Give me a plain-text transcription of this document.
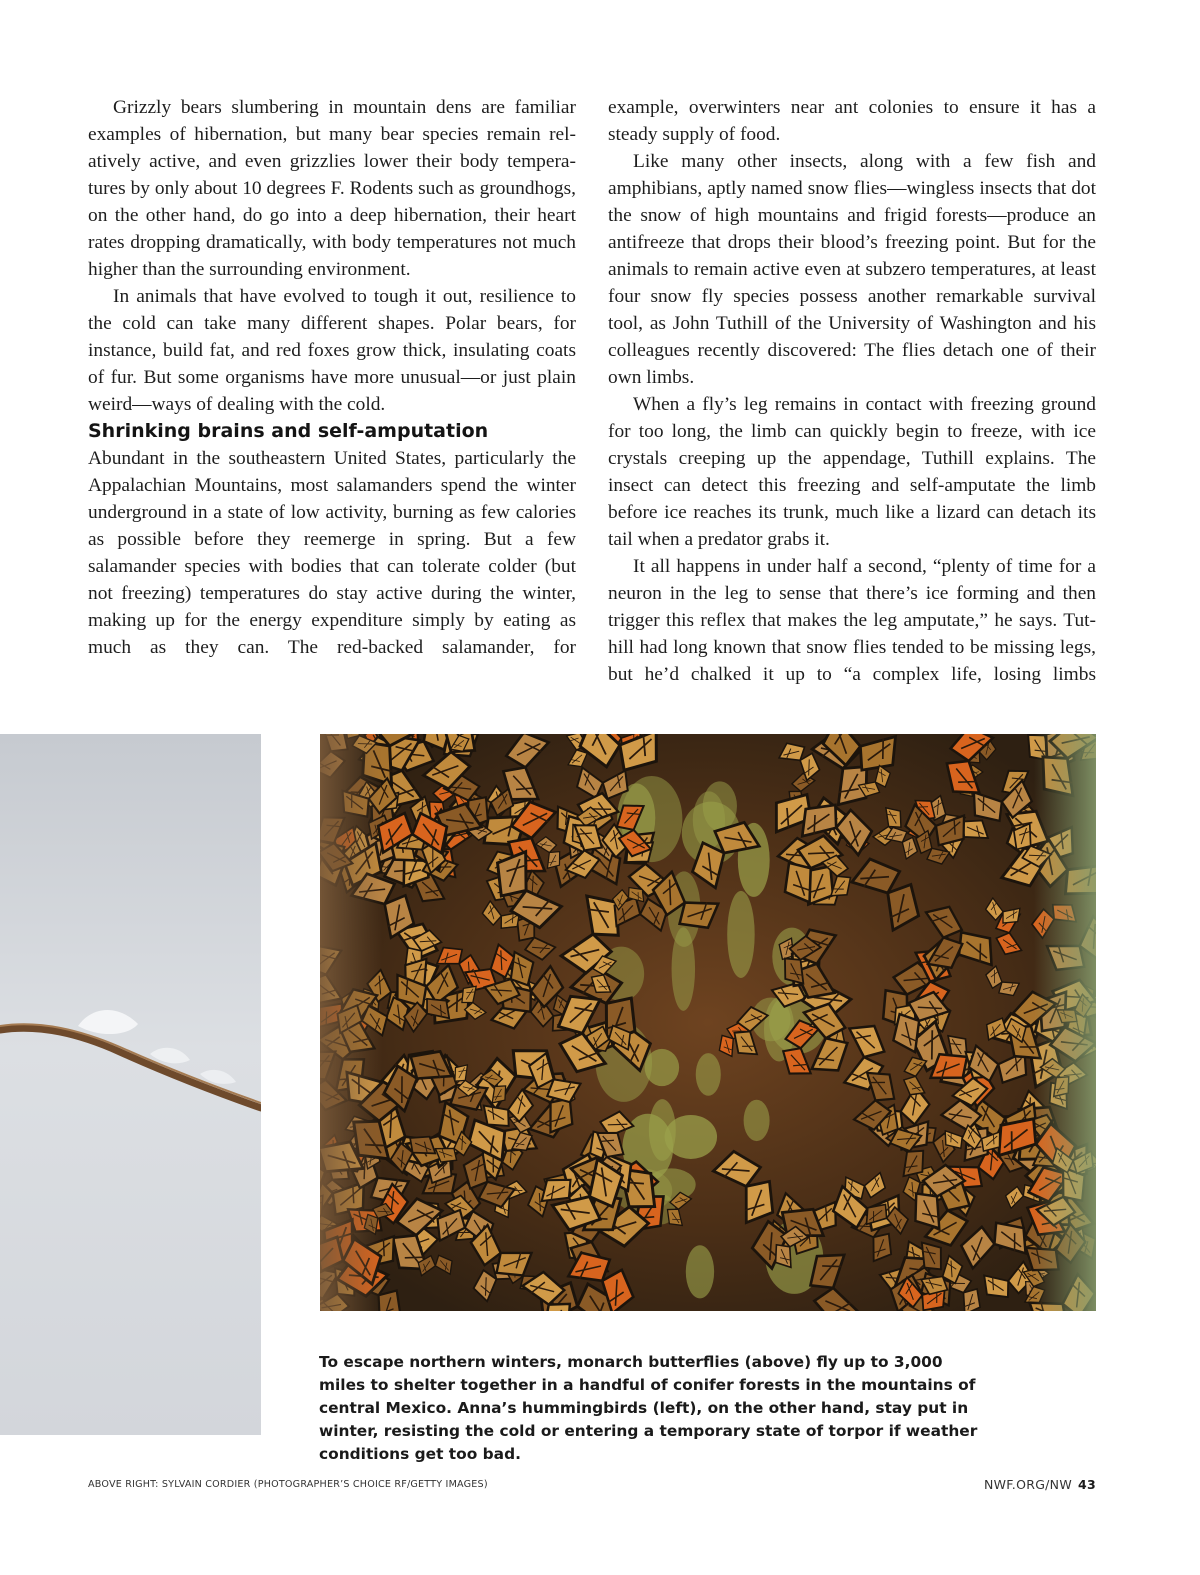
Grizzly bears slumbering in mountain dens are familiar examples of hibernation, but many bear species remain relatively active, and even grizzlies lower their body temperatures by only about 10 degrees F. Rodents such as groundhogs, on the other hand, do go into a deep hibernation, their heart rates dropping dramatically, with body temperatures not much higher than the surrounding environment.

In animals that have evolved to tough it out, resilience to the cold can take many different shapes. Polar bears, for instance, build fat, and red foxes grow thick, insulating coats of fur. But some organisms have more unusual—or just plain weird—ways of dealing with the cold.

Shrinking brains and self-amputation

Abundant in the southeastern United States, particularly the Appalachian Mountains, most salamanders spend the winter underground in a state of low activity, burning as few calories as possible before they reemerge in spring. But a few salamander species with bodies that can tolerate colder (but not freezing) temperatures do stay active during the winter, making up for the energy expenditure simply by eating as much as they can. The red-backed salamander, for

example, overwinters near ant colonies to ensure it has a steady supply of food.

Like many other insects, along with a few fish and amphibians, aptly named snow flies—wingless insects that dot the snow of high mountains and frigid forests—produce an antifreeze that drops their blood’s freezing point. But for the animals to remain active even at subzero temperatures, at least four snow fly species possess another remarkable survival tool, as John Tuthill of the University of Washington and his colleagues recently discovered: The flies detach one of their own limbs.

When a fly’s leg remains in contact with freezing ground for too long, the limb can quickly begin to freeze, with ice crystals creeping up the appendage, Tuthill explains. The insect can detect this freezing and self-amputate the limb before ice reaches its trunk, much like a lizard can detach its tail when a predator grabs it.

It all happens in under half a second, “plenty of time for a neuron in the leg to sense that there’s ice forming and then trigger this reflex that makes the leg amputate,” he says. Tuthill had long known that snow flies tended to be missing legs, but he’d chalked it up to “a complex life, losing limbs

To escape northern winters, monarch butterflies (above) fly up to 3,000 miles to shelter together in a handful of conifer forests in the mountains of central Mexico. Anna’s hummingbirds (left), on the other hand, stay put in winter, resisting the cold or entering a temporary state of torpor if weather conditions get too bad.
ABOVE RIGHT: SYLVAIN CORDIER (PHOTOGRAPHER’S CHOICE RF/GETTY IMAGES)	NWF.ORG/NW 43
